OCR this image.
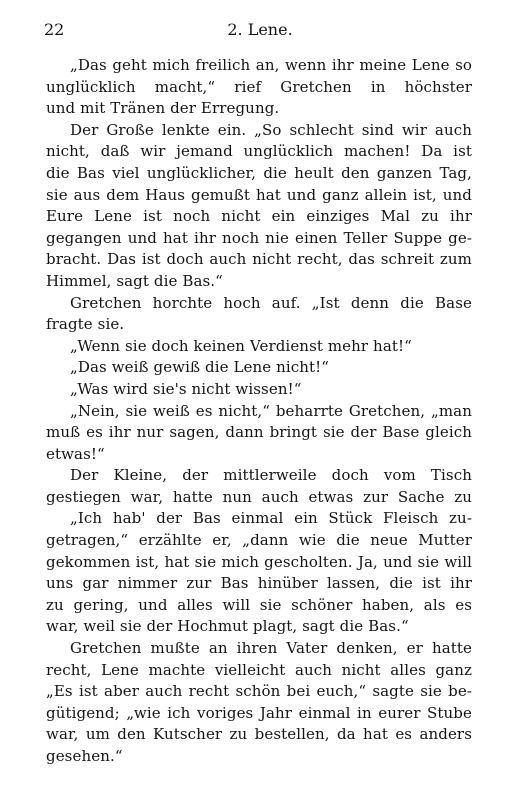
22	2. Lene.
„Das geht mich freilich an, wenn ihr meine Lene so
unglücklich macht,“ rief Gretchen in höchster
und mit Tränen der Erregung.
Der Große lenkte ein. „So schlecht sind wir auch
nicht, daß wir jemand unglücklich machen! Da ist
die Bas viel unglücklicher, die heult den ganzen Tag,
sie aus dem Haus gemußt hat und ganz allein ist, und
Eure Lene ist noch nicht ein einziges Mal zu ihr
gegangen und hat ihr noch nie einen Teller Suppe ge-
bracht. Das ist doch auch nicht recht, das schreit zum
Himmel, sagt die Bas.“
Gretchen horchte hoch auf. „Ist denn die Base
fragte sie.
„Wenn sie doch keinen Verdienst mehr hat!“
„Das weiß gewiß die Lene nicht!“
„Was wird sie's nicht wissen!“
„Nein, sie weiß es nicht,“ beharrte Gretchen, „man
muß es ihr nur sagen, dann bringt sie der Base gleich
etwas!“
Der Kleine, der mittlerweile doch vom Tisch
gestiegen war, hatte nun auch etwas zur Sache zu
„Ich hab' der Bas einmal ein Stück Fleisch zu-
getragen,“ erzählte er, „dann wie die neue Mutter
gekommen ist, hat sie mich gescholten. Ja, und sie will
uns gar nimmer zur Bas hinüber lassen, die ist ihr
zu gering, und alles will sie schöner haben, als es
war, weil sie der Hochmut plagt, sagt die Bas.“
Gretchen mußte an ihren Vater denken, er hatte
recht, Lene machte vielleicht auch nicht alles ganz
„Es ist aber auch recht schön bei euch,“ sagte sie be-
gütigend; „wie ich voriges Jahr einmal in eurer Stube
war, um den Kutscher zu bestellen, da hat es anders
gesehen.“
